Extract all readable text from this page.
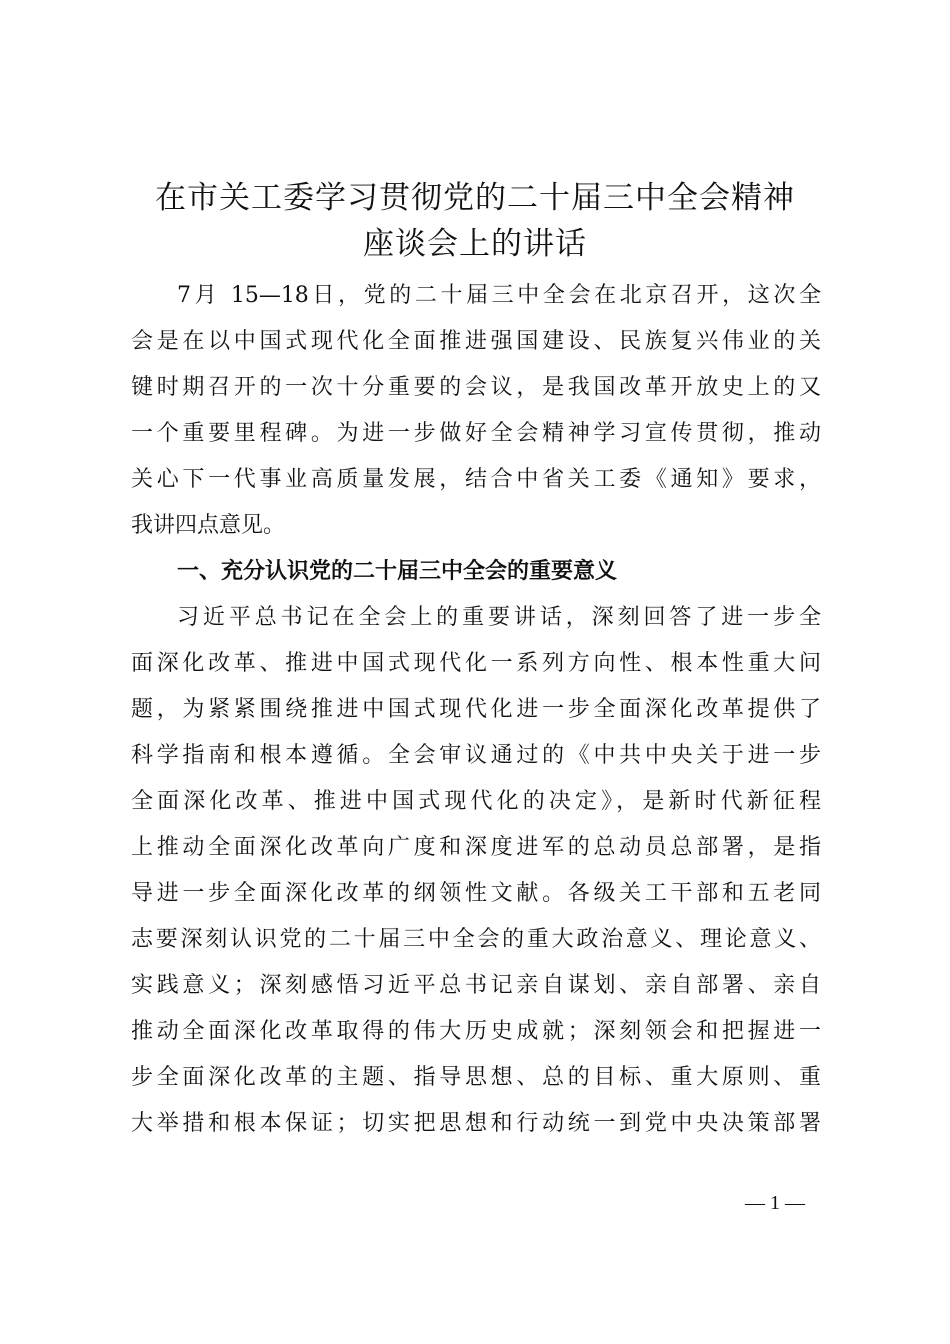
在市关工委学习贯彻党的二十届三中全会精神
座谈会上的讲话
7月 15—18日，党的二十届三中全会在北京召开，这次全
会是在以中国式现代化全面推进强国建设、民族复兴伟业的关
键时期召开的一次十分重要的会议，是我国改革开放史上的又
一个重要里程碑。为进一步做好全会精神学习宣传贯彻，推动
关心下一代事业高质量发展，结合中省关工委《通知》要求，
我讲四点意见。
一、充分认识党的二十届三中全会的重要意义
习近平总书记在全会上的重要讲话，深刻回答了进一步全
面深化改革、推进中国式现代化一系列方向性、根本性重大问
题，为紧紧围绕推进中国式现代化进一步全面深化改革提供了
科学指南和根本遵循。全会审议通过的《中共中央关于进一步
全面深化改革、推进中国式现代化的决定》，是新时代新征程
上推动全面深化改革向广度和深度进军的总动员总部署，是指
导进一步全面深化改革的纲领性文献。各级关工干部和五老同
志要深刻认识党的二十届三中全会的重大政治意义、理论意义、
实践意义；深刻感悟习近平总书记亲自谋划、亲自部署、亲自
推动全面深化改革取得的伟大历史成就；深刻领会和把握进一
步全面深化改革的主题、指导思想、总的目标、重大原则、重
大举措和根本保证；切实把思想和行动统一到党中央决策部署
— 1 —
